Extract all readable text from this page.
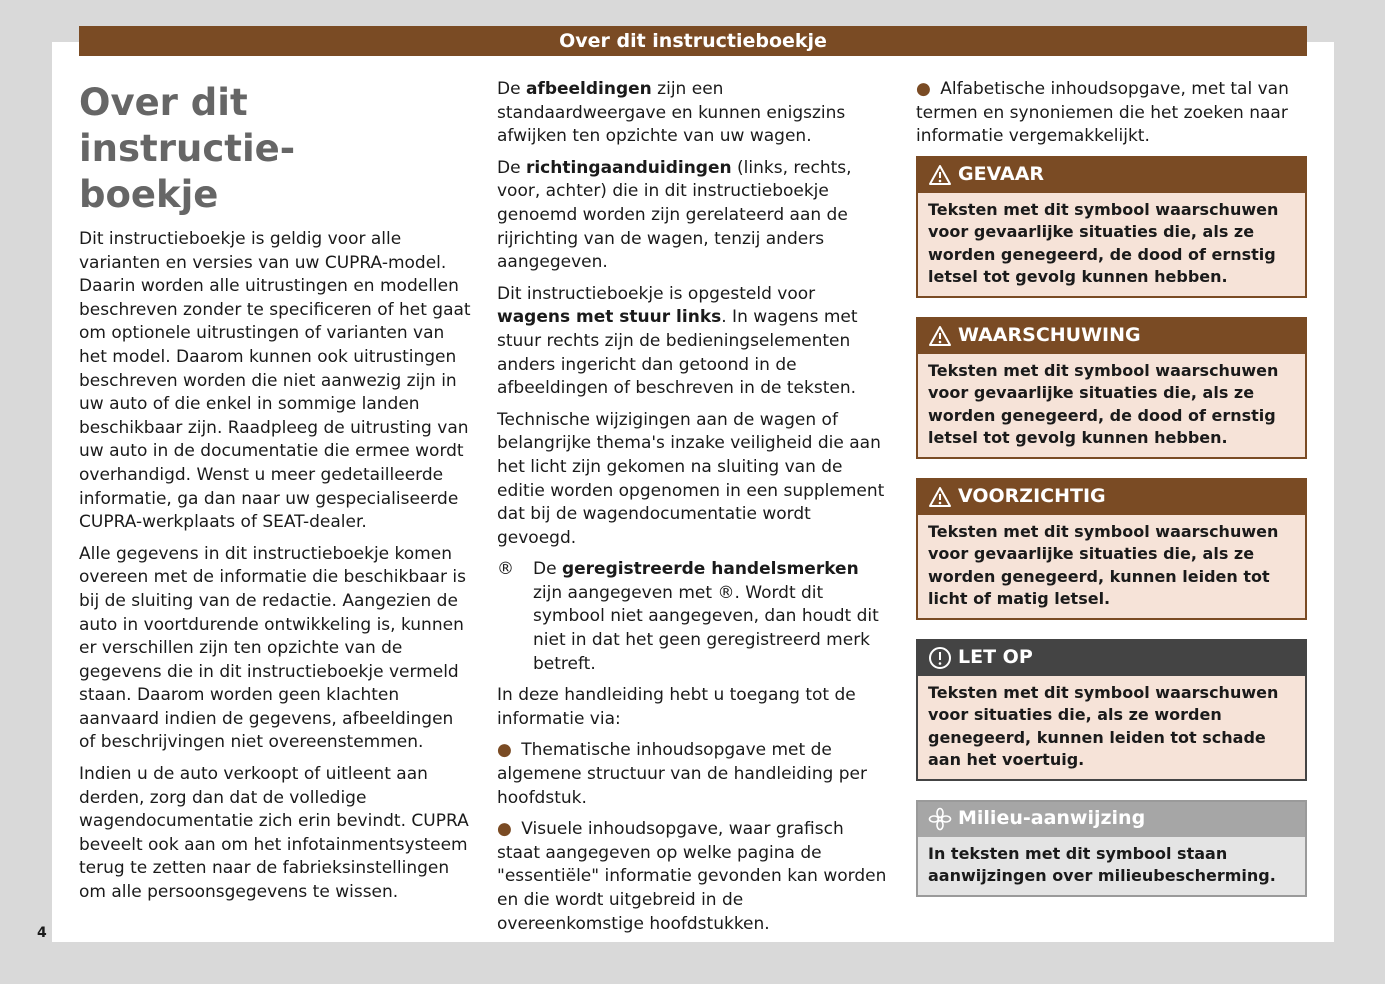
Over dit instructieboekje
Over dit instructie-
boekje

Dit instructieboekje is geldig voor alle varianten en versies van uw CUPRA-model. Daarin worden alle uitrustingen en modellen beschreven zonder te specificeren of het gaat om optionele uitrustingen of varianten van het model. Daarom kunnen ook uitrustingen beschreven worden die niet aanwezig zijn in uw auto of die enkel in sommige landen beschikbaar zijn. Raadpleeg de uitrusting van uw auto in de documentatie die ermee wordt overhandigd. Wenst u meer gedetailleerde informatie, ga dan naar uw gespecialiseerde CUPRA-werkplaats of SEAT-dealer.

Alle gegevens in dit instructieboekje komen overeen met de informatie die beschikbaar is bij de sluiting van de redactie. Aangezien de auto in voortdurende ontwikkeling is, kunnen er verschillen zijn ten opzichte van de gegevens die in dit instructieboekje vermeld staan. Daarom worden geen klachten aanvaard indien de gegevens, afbeeldingen of beschrijvingen niet overeenstemmen.

Indien u de auto verkoopt of uitleent aan derden, zorg dan dat de volledige wagendocumentatie zich erin bevindt. CUPRA beveelt ook aan om het infotainmentsysteem terug te zetten naar de fabrieksinstellingen om alle persoonsgegevens te wissen.

De afbeeldingen zijn een standaardweergave en kunnen enigszins afwijken ten opzichte van uw wagen.

De richtingaanduidingen (links, rechts, voor, achter) die in dit instructieboekje genoemd worden zijn gerelateerd aan de rijrichting van de wagen, tenzij anders aangegeven.

Dit instructieboekje is opgesteld voor wagens met stuur links. In wagens met stuur rechts zijn de bedieningselementen anders ingericht dan getoond in de afbeeldingen of beschreven in de teksten.

Technische wijzigingen aan de wagen of belangrijke thema's inzake veiligheid die aan het licht zijn gekomen na sluiting van de editie worden opgenomen in een supplement dat bij de wagendocumentatie wordt gevoegd.

®	De geregistreerde handelsmerken zijn aangegeven met ®. Wordt dit symbool niet aangegeven, dan houdt dit niet in dat het geen geregistreerd merk betreft.

In deze handleiding hebt u toegang tot de informatie via:

● Thematische inhoudsopgave met de algemene structuur van de handleiding per hoofdstuk.
● Visuele inhoudsopgave, waar grafisch staat aangegeven op welke pagina de "essentiële" informatie gevonden kan worden en die wordt uitgebreid in de overeenkomstige hoofdstukken.
● Alfabetische inhoudsopgave, met tal van termen en synoniemen die het zoeken naar informatie vergemakkelijkt.
GEVAAR
Teksten met dit symbool waarschuwen voor gevaarlijke situaties die, als ze worden genegeerd, de dood of ernstig letsel tot gevolg kunnen hebben.
WAARSCHUWING
Teksten met dit symbool waarschuwen voor gevaarlijke situaties die, als ze worden genegeerd, de dood of ernstig letsel tot gevolg kunnen hebben.
VOORZICHTIG
Teksten met dit symbool waarschuwen voor gevaarlijke situaties die, als ze worden genegeerd, kunnen leiden tot licht of matig letsel.
LET OP
Teksten met dit symbool waarschuwen voor situaties die, als ze worden genegeerd, kunnen leiden tot schade aan het voertuig.
Milieu-aanwijzing
In teksten met dit symbool staan aanwijzingen over milieubescherming.
4
